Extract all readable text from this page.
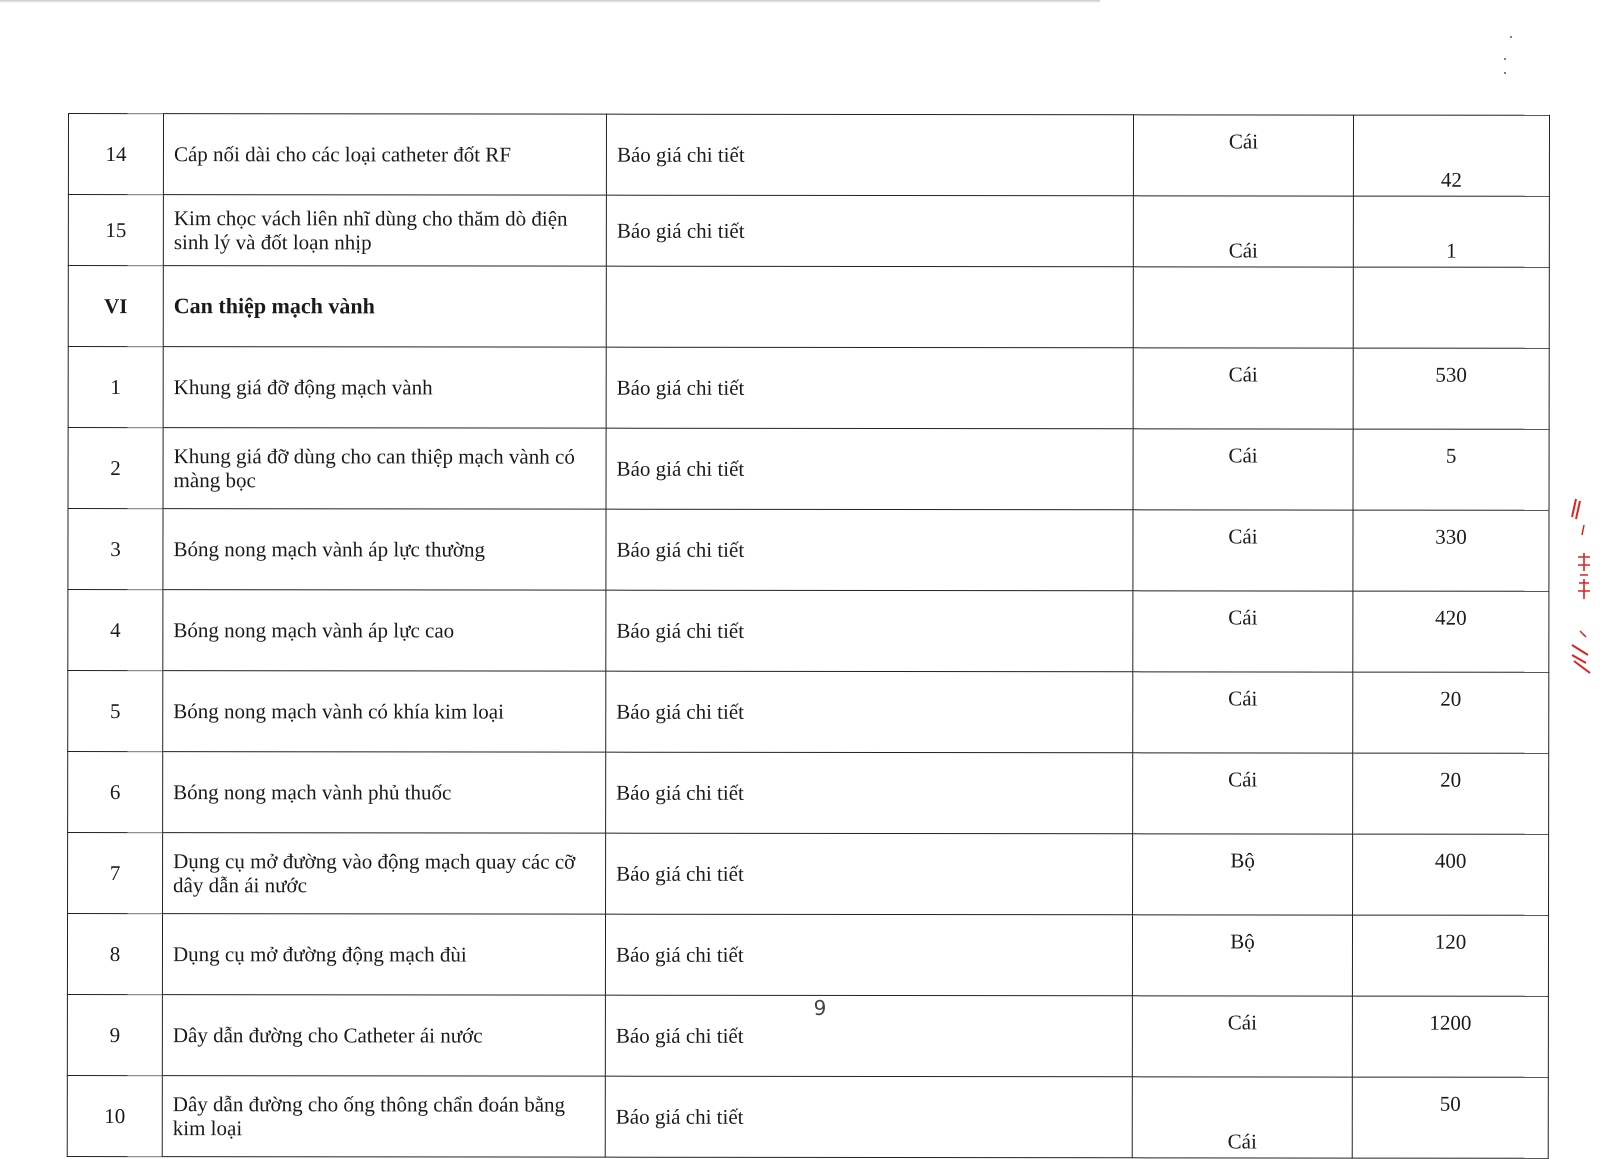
14	Cáp nối dài cho các loại catheter đốt RF	Báo giá chi tiết	Cái	42
15	Kim chọc vách liên nhĩ dùng cho thăm dò điện sinh lý và đốt loạn nhịp	Báo giá chi tiết	Cái	1
VI	Can thiệp mạch vành			
1	Khung giá đỡ động mạch vành	Báo giá chi tiết	Cái	530
2	Khung giá đỡ dùng cho can thiệp mạch vành có màng bọc	Báo giá chi tiết	Cái	5
3	Bóng nong mạch vành áp lực thường	Báo giá chi tiết	Cái	330
4	Bóng nong mạch vành áp lực cao	Báo giá chi tiết	Cái	420
5	Bóng nong mạch vành có khía kim loại	Báo giá chi tiết	Cái	20
6	Bóng nong mạch vành phủ thuốc	Báo giá chi tiết	Cái	20
7	Dụng cụ mở đường vào động mạch quay các cỡ dây dẫn ái nước	Báo giá chi tiết	Bộ	400
8	Dụng cụ mở đường động mạch đùi	Báo giá chi tiết	Bộ	120
9	Dây dẫn đường cho Catheter ái nước	Báo giá chi tiết	Cái	1200
10	Dây dẫn đường cho ống thông chẩn đoán bằng kim loại	Báo giá chi tiết	Cái	50
9
